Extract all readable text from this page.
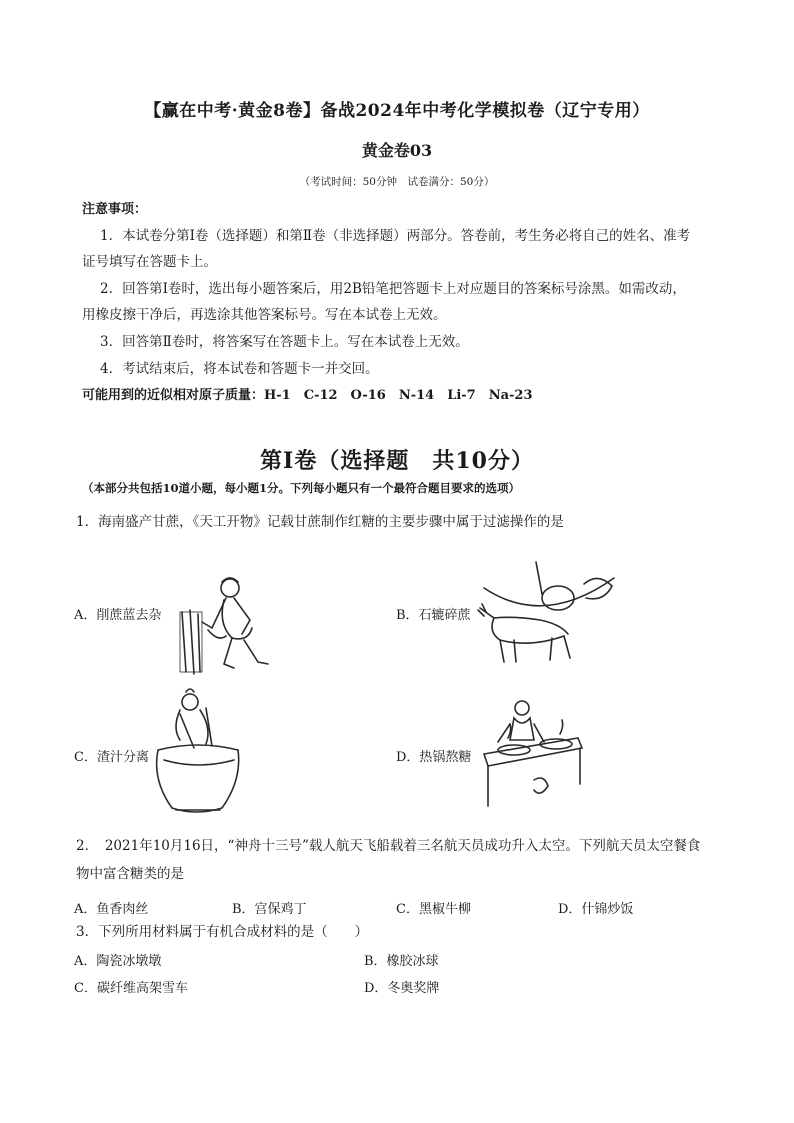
【赢在中考·黄金8卷】备战2024年中考化学模拟卷（辽宁专用）
黄金卷03
（考试时间：50分钟　试卷满分：50分）
注意事项：
1．本试卷分第Ⅰ卷（选择题）和第Ⅱ卷（非选择题）两部分。答卷前，考生务必将自己的姓名、准考
证号填写在答题卡上。
2．回答第Ⅰ卷时，选出每小题答案后，用2B铅笔把答题卡上对应题目的答案标号涂黑。如需改动，
用橡皮擦干净后，再选涂其他答案标号。写在本试卷上无效。
3．回答第Ⅱ卷时，将答案写在答题卡上。写在本试卷上无效。
4．考试结束后，将本试卷和答题卡一并交回。
可能用到的近似相对原子质量：H-1　C-12　O-16　N-14　Li-7　Na-23
第Ⅰ卷（选择题　共10分）
（本部分共包括10道小题，每小题1分。下列每小题只有一个最符合题目要求的选项）
1．海南盛产甘蔗，《天工开物》记载甘蔗制作红糖的主要步骤中属于过滤操作的是
A．削蔗蓝去杂	B．石辘碎蔗
C．渣汁分离	D．热锅熬糖
2．　2021年10月16日，“神舟十三号”载人航天飞船载着三名航天员成功升入太空。下列航天员太空餐食
物中富含糖类的是
A．鱼香肉丝	B．宫保鸡丁	C．黑椒牛柳	D．什锦炒饭
3．下列所用材料属于有机合成材料的是（　　）
A．陶瓷冰墩墩	B．橡胶冰球
C．碳纤维高架雪车	D．冬奥奖牌
